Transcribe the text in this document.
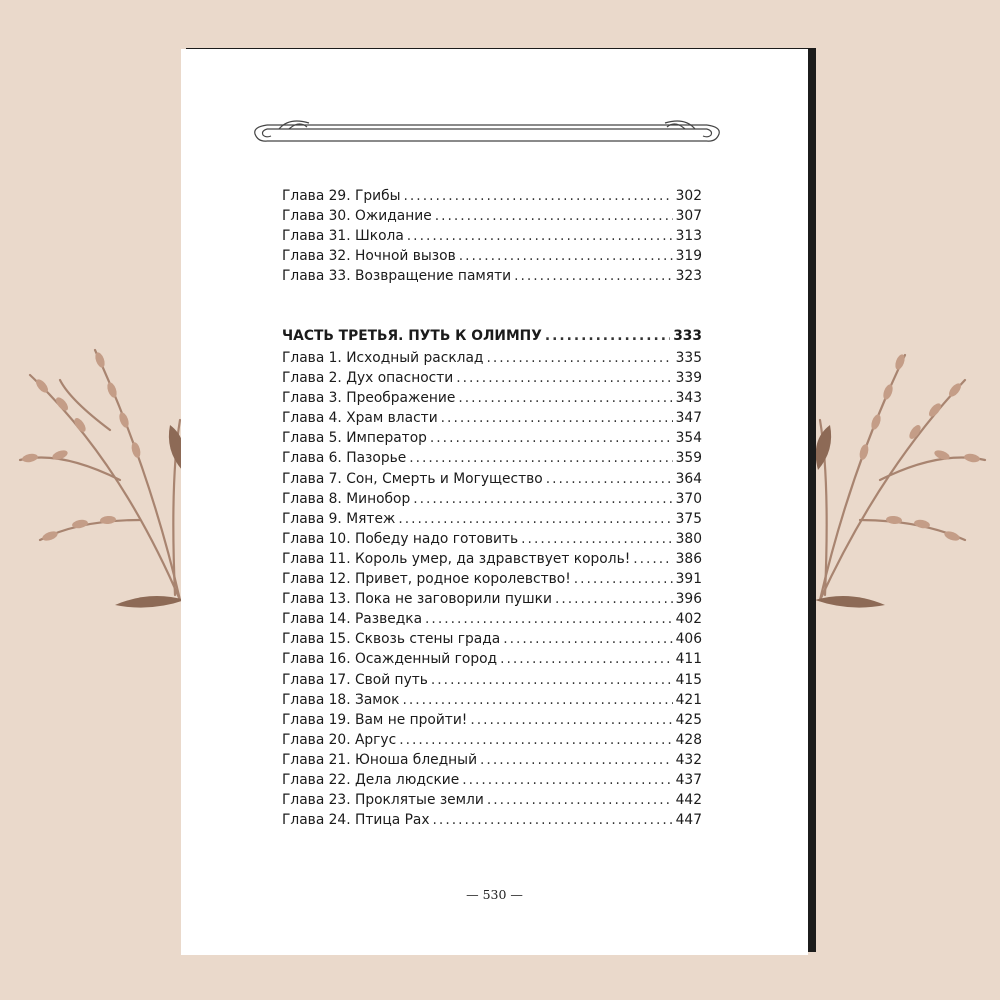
Глава 29. Грибы .....	302
Глава 30. Ожидание .....	307
Глава 31. Школа .....	313
Глава 32. Ночной вызов .....	319
Глава 33. Возвращение памяти .....	323
ЧАСТЬ ТРЕТЬЯ. ПУТЬ К ОЛИМПУ .....	333
Глава 1. Исходный расклад .....	335
Глава 2. Дух опасности .....	339
Глава 3. Преображение .....	343
Глава 4. Храм власти .....	347
Глава 5. Император .....	354
Глава 6. Пазорье .....	359
Глава 7. Сон, Смерть и Могущество .....	364
Глава 8. Минобор .....	370
Глава 9. Мятеж .....	375
Глава 10. Победу надо готовить .....	380
Глава 11. Король умер, да здравствует король! .....	386
Глава 12. Привет, родное королевство! .....	391
Глава 13. Пока не заговорили пушки .....	396
Глава 14. Разведка .....	402
Глава 15. Сквозь стены града .....	406
Глава 16. Осажденный город .....	411
Глава 17. Свой путь .....	415
Глава 18. Замок .....	421
Глава 19. Вам не пройти! .....	425
Глава 20. Аргус .....	428
Глава 21. Юноша бледный .....	432
Глава 22. Дела людские .....	437
Глава 23. Проклятые земли .....	442
Глава 24. Птица Рах .....	447
— 530 —
